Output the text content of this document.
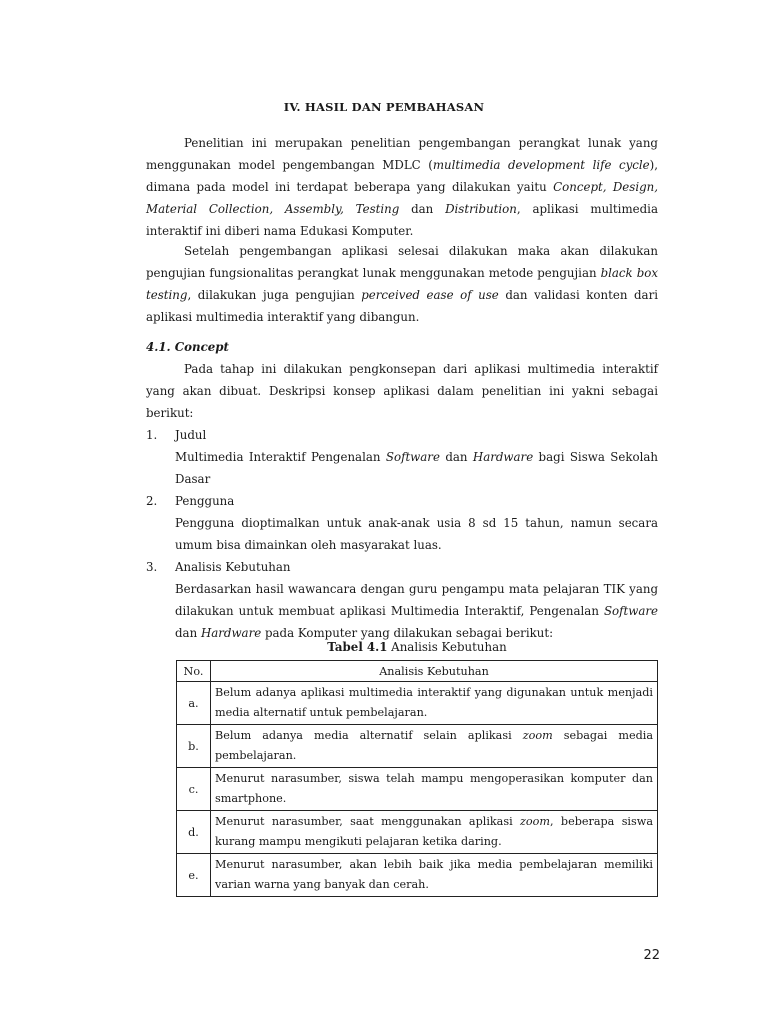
IV. HASIL DAN PEMBAHASAN

Penelitian ini merupakan penelitian pengembangan perangkat lunak yang menggunakan model pengembangan MDLC (multimedia development life cycle), dimana pada model ini terdapat beberapa yang dilakukan yaitu Concept, Design, Material Collection, Assembly, Testing dan Distribution, aplikasi multimedia interaktif ini diberi nama Edukasi Komputer.

Setelah pengembangan aplikasi selesai dilakukan maka akan dilakukan pengujian fungsionalitas perangkat lunak menggunakan metode pengujian black box testing, dilakukan juga pengujian perceived ease of use dan validasi konten dari aplikasi multimedia interaktif yang dibangun.

4.1. Concept

Pada tahap ini dilakukan pengkonsepan dari aplikasi multimedia interaktif yang akan dibuat. Deskripsi konsep aplikasi dalam penelitian ini yakni sebagai berikut:

1. Judul
Multimedia Interaktif Pengenalan Software dan Hardware bagi Siswa Sekolah Dasar
2. Pengguna
Pengguna dioptimalkan untuk anak-anak usia 8 sd 15 tahun, namun secara umum bisa dimainkan oleh masyarakat luas.
3. Analisis Kebutuhan
Berdasarkan hasil wawancara dengan guru pengampu mata pelajaran TIK yang dilakukan untuk membuat aplikasi Multimedia Interaktif, Pengenalan Software dan Hardware pada Komputer yang dilakukan sebagai berikut:
Tabel 4.1 Analisis Kebutuhan
No.	Analisis Kebutuhan
a.	Belum adanya aplikasi multimedia interaktif yang digunakan untuk menjadi media alternatif untuk pembelajaran.
b.	Belum adanya media alternatif selain aplikasi zoom sebagai media pembelajaran.
c.	Menurut narasumber, siswa telah mampu mengoperasikan komputer dan smartphone.
d.	Menurut narasumber, saat menggunakan aplikasi zoom, beberapa siswa kurang mampu mengikuti pelajaran ketika daring.
e.	Menurut narasumber, akan lebih baik jika media pembelajaran memiliki varian warna yang banyak dan cerah.
22
